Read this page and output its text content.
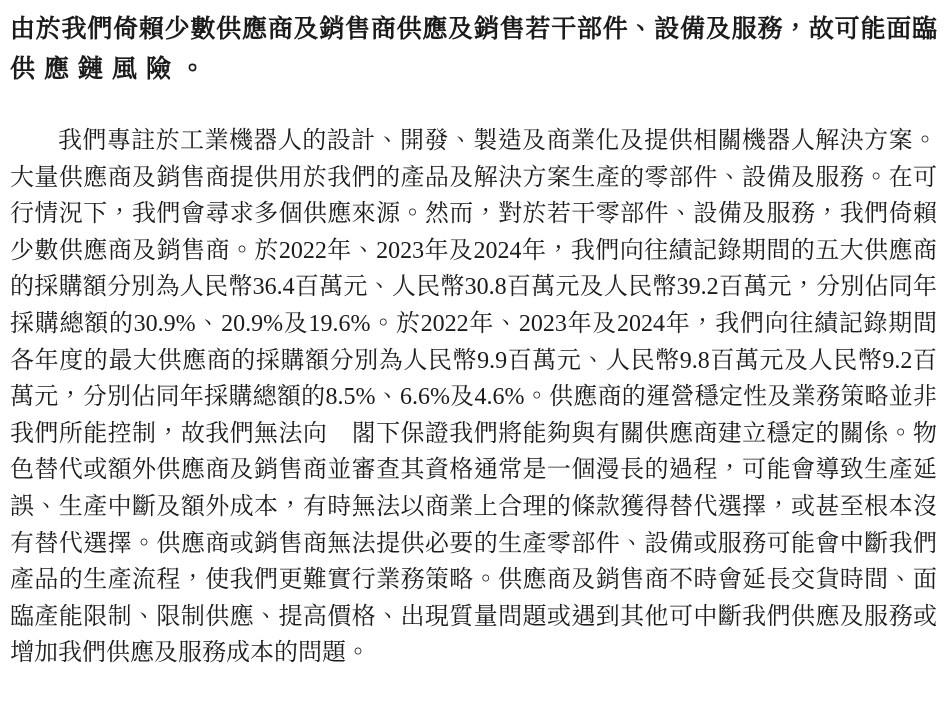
由於我們倚賴少數供應商及銷售商供應及銷售若干部件、設備及服務，故可能面臨
供應鏈風險。
我們專註於工業機器人的設計、開發、製造及商業化及提供相關機器人解決方案。大量供應商及銷售商提供用於我們的產品及解決方案生產的零部件、設備及服務。在可行情況下，我們會尋求多個供應來源。然而，對於若干零部件、設備及服務，我們倚賴少數供應商及銷售商。於2022年、2023年及2024年，我們向往績記錄期間的五大供應商的採購額分別為人民幣36.4百萬元、人民幣30.8百萬元及人民幣39.2百萬元，分別佔同年採購總額的30.9%、20.9%及19.6%。於2022年、2023年及2024年，我們向往績記錄期間各年度的最大供應商的採購額分別為人民幣9.9百萬元、人民幣9.8百萬元及人民幣9.2百萬元，分別佔同年採購總額的8.5%、6.6%及4.6%。供應商的運營穩定性及業務策略並非我們所能控制，故我們無法向　閣下保證我們將能夠與有關供應商建立穩定的關係。物色替代或額外供應商及銷售商並審查其資格通常是一個漫長的過程，可能會導致生產延誤、生產中斷及額外成本，有時無法以商業上合理的條款獲得替代選擇，或甚至根本沒有替代選擇。供應商或銷售商無法提供必要的生產零部件、設備或服務可能會中斷我們產品的生產流程，使我們更難實行業務策略。供應商及銷售商不時會延長交貨時間、面臨產能限制、限制供應、提高價格、出現質量問題或遇到其他可中斷我們供應及服務或增加我們供應及服務成本的問題。
